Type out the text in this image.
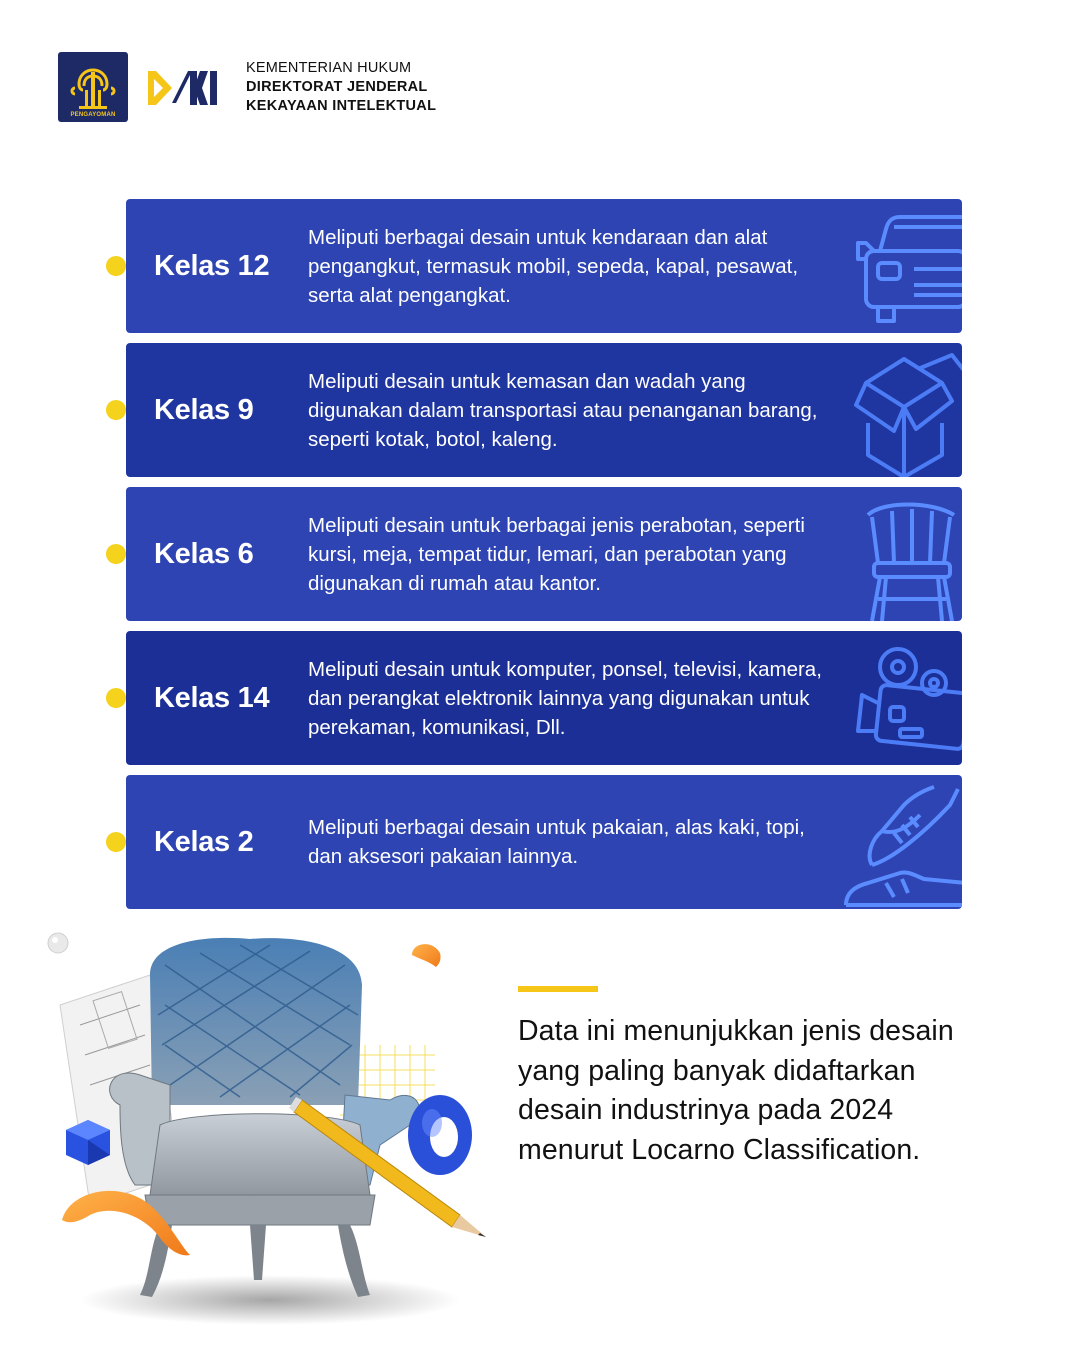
PENGAYOMAN
KEMENTERIAN HUKUM
DIREKTORAT JENDERAL
KEKAYAAN INTELEKTUAL
Kelas 12
Meliputi berbagai desain untuk kendaraan dan alat pengangkut, termasuk mobil, sepeda, kapal, pesawat, serta alat pengangkat.
Kelas 9
Meliputi desain untuk kemasan dan wadah yang digunakan dalam transportasi atau penanganan barang, seperti kotak, botol, kaleng.
Kelas 6
Meliputi desain untuk berbagai jenis perabotan, seperti kursi, meja, tempat tidur, lemari, dan perabotan yang digunakan di rumah atau kantor.
Kelas 14
Meliputi desain untuk komputer, ponsel, televisi, kamera, dan perangkat elektronik lainnya yang digunakan untuk perekaman, komunikasi, Dll.
Kelas 2	Meliputi berbagai desain untuk pakaian, alas kaki, topi, dan aksesori pakaian lainnya.
Data ini menunjukkan jenis desain yang paling banyak didaftarkan desain industrinya pada 2024 menurut Locarno Classification.
